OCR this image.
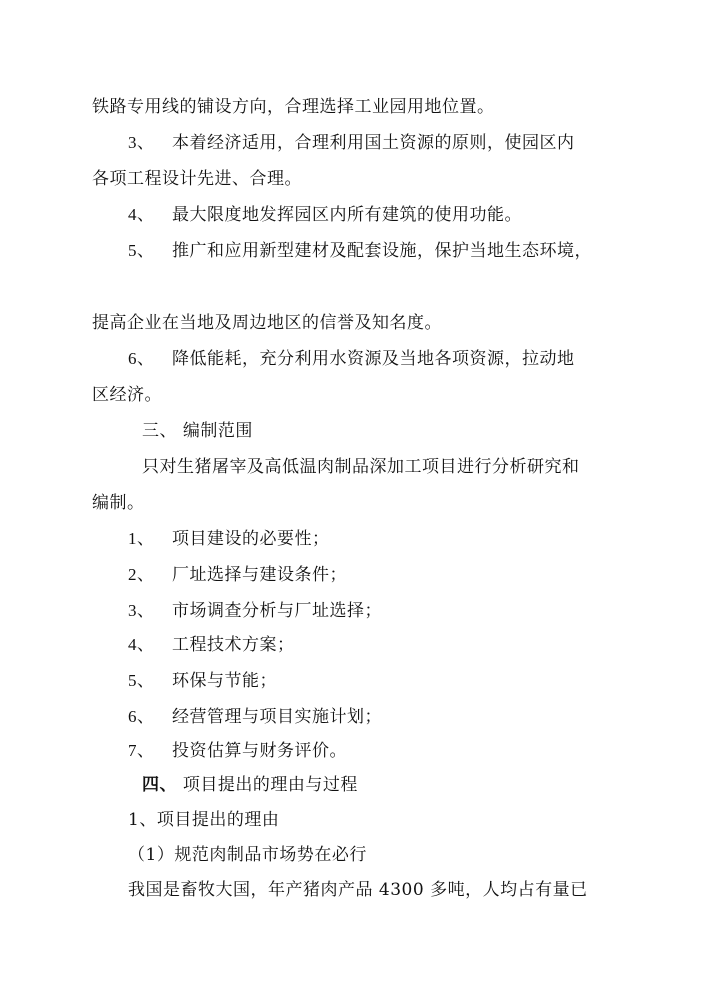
铁路专用线的铺设方向，合理选择工业园用地位置。
3、 本着经济适用，合理利用国土资源的原则，使园区内
各项工程设计先进、合理。
4、 最大限度地发挥园区内所有建筑的使用功能。
5、 推广和应用新型建材及配套设施，保护当地生态环境，
提高企业在当地及周边地区的信誉及知名度。
6、 降低能耗，充分利用水资源及当地各项资源，拉动地
区经济。
三、 编制范围
只对生猪屠宰及高低温肉制品深加工项目进行分析研究和
编制。
1、 项目建设的必要性；
2、 厂址选择与建设条件；
3、 市场调查分析与厂址选择；
4、 工程技术方案；
5、 环保与节能；
6、 经营管理与项目实施计划；
7、 投资估算与财务评价。
四、 项目提出的理由与过程
1、项目提出的理由
（1）规范肉制品市场势在必行
我国是畜牧大国，年产猪肉产品 4300 多吨，人均占有量已
